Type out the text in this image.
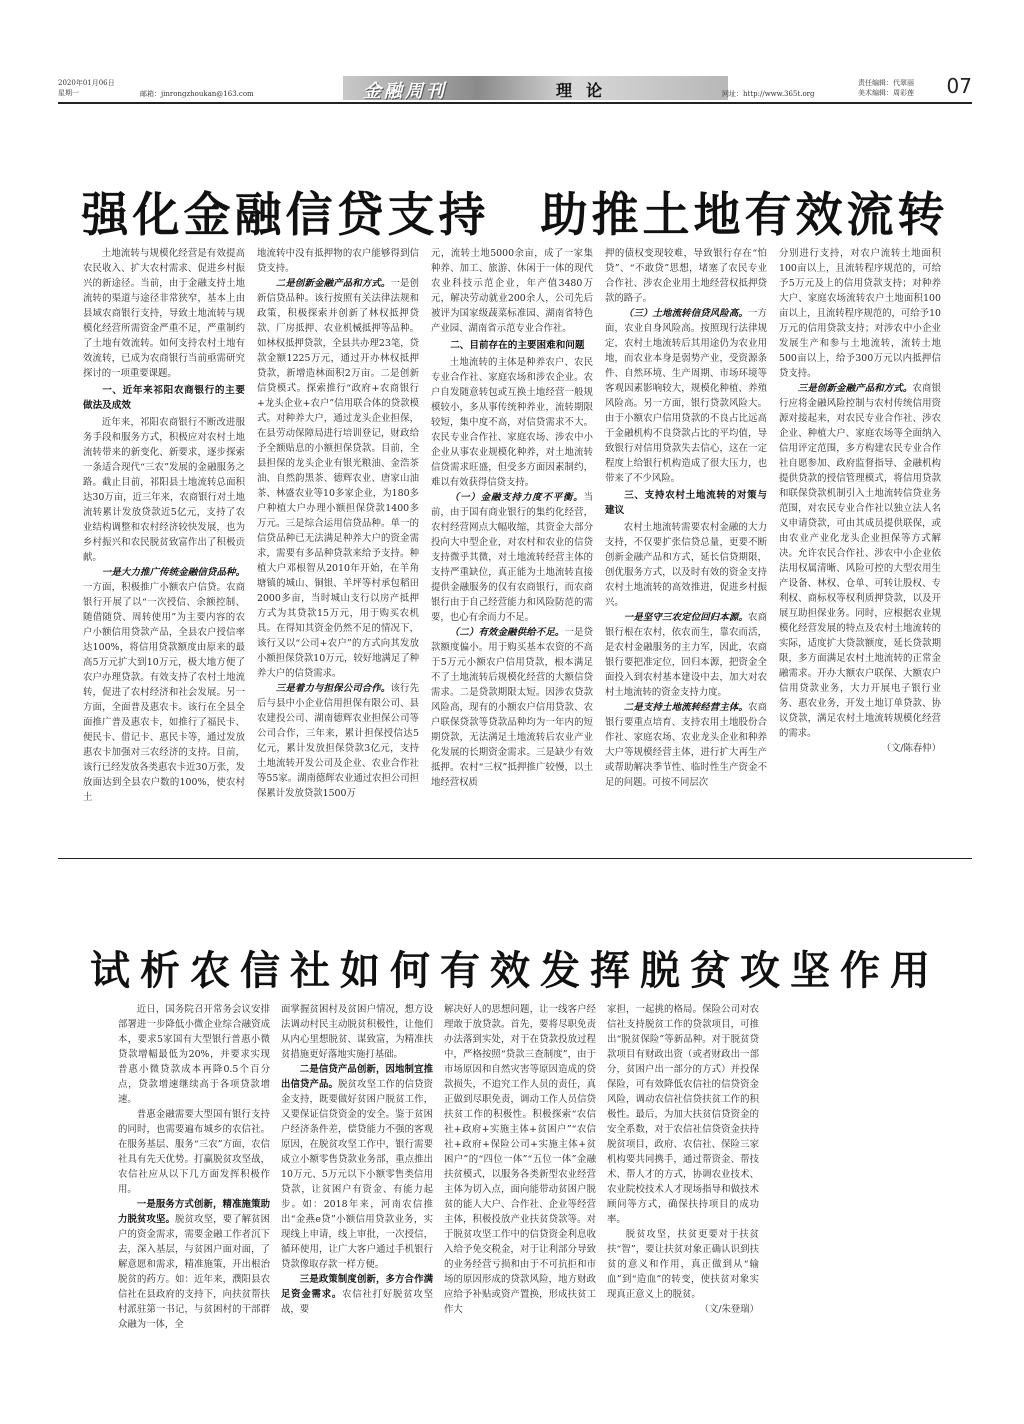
2020年01月06日
星期一	邮箱：jinrongzhoukan@163.com	金融周刊	理论	网址：http://www.365t.org
责任编辑：代翠丽
美术编辑：周彩莲 07
强化金融信贷支持　助推土地有效流转

土地流转与规模化经营是有效提高农民收入、扩大农村需求、促进乡村振兴的新途径。当前，由于金融支持土地流转的渠道与途径非常狭窄，基本上由县域农商银行支持，导致土地流转与规模化经营所需资金严重不足，严重制约了土地有效流转。如何支持农村土地有效流转，已成为农商银行当前亟需研究探讨的一项重要课题。

一、近年来祁阳农商银行的主要做法及成效

近年来，祁阳农商银行不断改进服务手段和服务方式，积极应对农村土地流转带来的新变化、新要求，逐步探索一条适合现代“三农”发展的金融服务之路。截止目前，祁阳县土地流转总面积达30万亩，近三年来，农商银行对土地流转累计发放贷款近5亿元，支持了农业结构调整和农村经济较快发展，也为乡村振兴和农民脱贫致富作出了积极贡献。

一是大力推广传统金融信贷品种。一方面，积极推广小额农户信贷。农商银行开展了以“一次授信、余额控制、随借随贷、周转使用”为主要内容的农户小额信用贷款产品，全县农户授信率达100%，将信用贷款额度由原来的最高5万元扩大到10万元，极大地方便了农户办理贷款。有效支持了农村土地流转，促进了农村经济和社会发展。另一方面，全面普及惠农卡。该行在全县全面推广普及惠农卡，如推行了福民卡、便民卡、借记卡、惠民卡等，通过发放惠农卡加强对三农经济的支持。目前，该行已经发放各类惠农卡近30万张，发放面达到全县农户数的100%，使农村土

地流转中没有抵押物的农户能够得到信贷支持。

二是创新金融产品和方式。一是创新信贷品种。该行按照有关法律法规和政策，积极探索并创新了林权抵押贷款、厂房抵押、农业机械抵押等品种。如林权抵押贷款，全县共办理23笔，贷款金额1225万元，通过开办林权抵押贷款，新增造林面积2万亩。二是创新信贷模式。探索推行“政府+农商银行+龙头企业+农户”信用联合体的贷款模式。对种养大户，通过龙头企业担保，在县劳动保障局进行培训登记，财政给予全额贴息的小额担保贷款。目前，全县担保的龙头企业有银光粮油、金浩茶油、自然韵黑茶、德辉农业、唐家山油茶、林盛农业等10多家企业，为180多户种植大户办理小额担保贷款1400多万元。三是综合运用信贷品种。单一的信贷品种已无法满足种养大户的资金需求，需要有多品种贷款来给予支持。种植大户邓根智从2010年开始，在羊角塘镇的城山、铜银、羊坪等村承包稻田2000多亩，当时城山支行以房产抵押方式为其贷款15万元，用于购买农机具。在得知其资金仍然不足的情况下，该行又以“公司+农户”的方式向其发放小额担保贷款10万元，较好地满足了种养大户的信贷需求。

三是着力与担保公司合作。该行先后与县中小企业信用担保有限公司、县农建投公司、湖南德辉农业担保公司等公司合作，三年来，累计担保授信达5亿元，累计发放担保贷款3亿元，支持土地流转开发公司及企业、农业合作社等55家。湖南德辉农业通过农担公司担保累计发放贷款1500万

元，流转土地5000余亩，成了一家集种养、加工、旅游、休闲于一体的现代农业科技示范企业，年产值3480万元，解决劳动就业200余人，公司先后被评为国家级蔬菜标准园、湖南省特色产业园、湖南省示范专业合作社。

二、目前存在的主要困难和问题

土地流转的主体是种养农户、农民专业合作社、家庭农场和涉农企业。农户自发随意转包或互换土地经营一般规模较小，多从事传统种养业，流转期限较短，集中度不高，对信贷需求不大。农民专业合作社、家庭农场、涉农中小企业从事农业规模化种养，对土地流转信贷需求旺盛，但受多方面因素制约，难以有效获得信贷支持。

（一）金融支持力度不平衡。当前，由于国有商业银行的集约化经营，农村经营网点大幅收缩，其资金大部分投向大中型企业，对农村和农业的信贷支持微乎其微，对土地流转经营主体的支持严重缺位，真正能为土地流转直接提供金融服务的仅有农商银行，而农商银行由于自己经营能力和风险防范的需要，也心有余而力不足。

（二）有效金融供给不足。一是贷款额度偏小。用于购买基本农资的不高于5万元小额农户信用贷款，根本满足不了土地流转后规模化经营的大额信贷需求。二是贷款期限太短。因涉农贷款风险高，现有的小额农户信用贷款、农户联保贷款等贷款品种均为一年内的短期贷款，无法满足土地流转后农业产业化发展的长期资金需求。三是缺少有效抵押。农村“三权”抵押推广较慢，以土地经营权质

押的债权变现较难，导致银行存在“怕贷”、“不敢贷”思想，堵塞了农民专业合作社、涉农企业用土地经营权抵押贷款的路子。

（三）土地流转信贷风险高。一方面，农业自身风险高。按照现行法律规定，农村土地流转后其用途仍为农业用地，而农业本身是弱势产业，受资源条件、自然环境、生产周期、市场环境等客观因素影响较大，规模化种植、养殖风险高。另一方面，银行贷款风险大。由于小额农户信用贷款的不良占比远高于金融机构不良贷款占比的平均值，导致银行对信用贷款失去信心，这在一定程度上给银行机构造成了很大压力，也带来了不少风险。

三、支持农村土地流转的对策与建议

农村土地流转需要农村金融的大力支持，不仅要扩张信贷总量，更要不断创新金融产品和方式，延长信贷期限，创优服务方式，以及时有效的资金支持农村土地流转的高效推进，促进乡村振兴。

一是坚守三农定位回归本源。农商银行根在农村，依农而生，靠农而活，是农村金融服务的主力军，因此，农商银行要把准定位，回归本源，把资金全面投入到农村基本建设中去，加大对农村土地流转的资金支持力度。

二是支持土地流转经营主体。农商银行要重点培育、支持农用土地股份合作社、家庭农场、农业龙头企业和种养大户等规模经营主体，进行扩大再生产或帮助解决季节性、临时性生产资金不足的问题。可按不同层次

分别进行支持，对农户流转土地面积100亩以上，且流转程序规范的，可给予5万元及上的信用贷款支持；对种养大户、家庭农场流转农户土地面积100亩以上，且流转程序规范的，可给予10万元的信用贷款支持；对涉农中小企业发展生产和参与土地流转，流转土地500亩以上，给予300万元以内抵押信贷支持。

三是创新金融产品和方式。农商银行应将金融风险控制与农村传统信用资源对接起来，对农民专业合作社、涉农企业、种植大户、家庭农场等全面纳入信用评定范围，多方构建农民专业合作社自愿参加、政府监督指导、金融机构提供贷款的授信管理模式，将信用贷款和联保贷款机制引入土地流转信贷业务范围，对农民专业合作社以独立法人名义申请贷款，可由其成员提供联保，或由农业产业化龙头企业担保等方式解决。允许农民合作社、涉农中小企业依法用权属清晰、风险可控的大型农用生产设备、林权、仓单、可转让股权、专利权、商标权等权利质押贷款，以及开展互助担保业务。同时，应根据农业规模化经营发展的特点及农村土地流转的实际，适度扩大贷款额度，延长贷款期限，多方面满足农村土地流转的正常金融需求。开办大额农户联保、大额农户信用贷款业务，大力开展电子银行业务、惠农业务，开发土地订单贷款、协议贷款，满足农村土地流转规模化经营的需求。

（文/陈春仲）

试析农信社如何有效发挥脱贫攻坚作用

近日，国务院召开常务会议安排部署进一步降低小微企业综合融资成本，要求5家国有大型银行普惠小微贷款增幅最低为20%，并要求实现普惠小微贷款成本再降0.5个百分点，贷款增速继续高于各项贷款增速。

普惠金融需要大型国有银行支持的同时，也需要遍布城乡的农信社。在服务基层、服务“三农”方面，农信社具有先天优势。打赢脱贫攻坚战，农信社应从以下几方面发挥积极作用。

一是服务方式创新，精准施策助力脱贫攻坚。脱贫攻坚，要了解贫困户的资金需求，需要金融工作者沉下去，深入基层，与贫困户面对面，了解意愿和需求，精准施策，开出根治脱贫的药方。如：近年来，濮阳县农信社在县政府的支持下，向扶贫帮扶村派驻第一书记，与贫困村的干部群众融为一体，全

面掌握贫困村及贫困户情况，想方设法调动村民主动脱贫积极性，让他们从内心里想脱贫、谋致富，为精准扶贫措施更好落地实施打基础。

二是信贷产品创新，因地制宜推出信贷产品。脱贫攻坚工作的信贷资金支持，既要做好贫困户脱贫工作，又要保证信贷资金的安全。鉴于贫困户经济条件差，偿贷能力不强的客观原因，在脱贫攻坚工作中，银行需要成立小额零售贷款业务部，重点推出10万元、5万元以下小额零售类信用贷款，让贫困户有资金、有能力起步。如：2018年来，河南农信推出“金燕e贷”小额信用贷款业务，实现线上申请，线上审批，一次授信，循环使用，让广大客户通过手机银行贷款像取存款一样方便。

三是政策制度创新，多方合作满足资金需求。农信社打好脱贫攻坚战，要

解决好人的思想问题，让一线客户经理敢于放贷款。首先，要将尽职免责办法落到实处，对于在贷款投放过程中，严格按照“贷款三查制度”，由于市场原因和自然灾害等原因造成的贷款损失，不追究工作人员的责任，真正做到尽职免责，调动工作人员信贷扶贫工作的积极性。积极探索“农信社+政府+实施主体+贫困户”“农信社+政府+保险公司+实施主体+贫困户”的“四位一体”“五位一体”金融扶贫模式，以服务各类新型农业经营主体为切入点，面向能带动贫困户脱贫的能人大户、合作社、企业等经营主体，积极投放产业扶贫贷款等。对于脱贫攻坚工作中的信贷资金利息收入给予免交税金，对于让利部分导致的业务经营亏损和由于不可抗拒和市场的原因形成的贷款风险，地方财政应给予补贴或资产置换，形成扶贫工作大

家担，一起挑的格局。保险公司对农信社支持脱贫工作的贷款项目，可推出“脱贫保险”等新品种。对于脱贫贷款项目有财政出资（或者财政出一部分，贫困户出一部分的方式）并投保保险，可有效降低农信社的信贷资金风险，调动农信社信贷扶贫工作的积极性。最后，为加大扶贫信贷资金的安全系数，对于农信社信贷资金扶持脱贫项目，政府、农信社、保险三家机构要共同携手，通过帮资金、帮技术、帮人才的方式，协调农业技术、农业院校技术人才现场指导和做技术顾问等方式，确保扶持项目的成功率。

脱贫攻坚，扶贫更要对于扶贫扶“智”，要让扶贫对象正确认识到扶贫的意义和作用，真正做到从“输血”到“造血”的转变，使扶贫对象实现真正意义上的脱贫。

（文/朱登瑞）
